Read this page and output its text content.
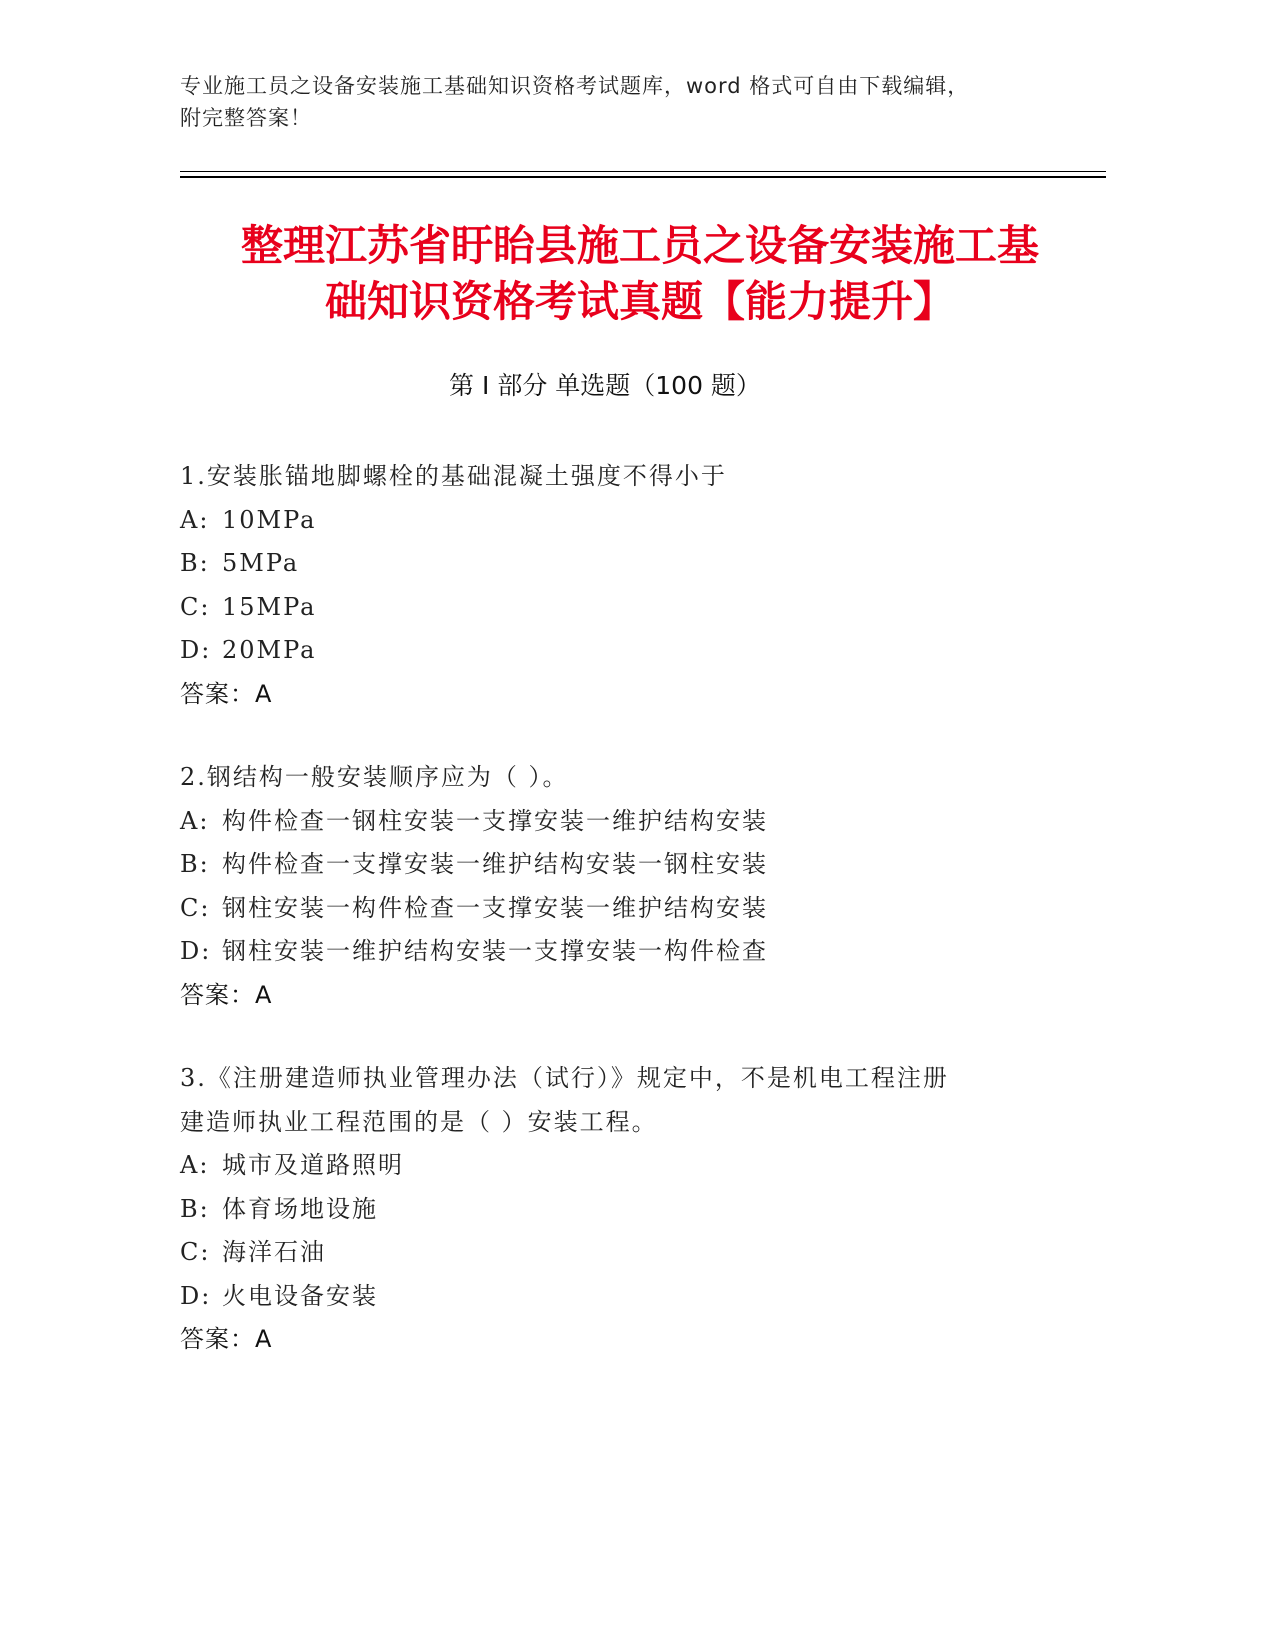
专业施工员之设备安装施工基础知识资格考试题库，word 格式可自由下载编辑，
附完整答案！
整理江苏省盱眙县施工员之设备安装施工基
础知识资格考试真题【能力提升】
第 I 部分 单选题（100 题）
1.安装胀锚地脚螺栓的基础混凝土强度不得小于
A: 10MPa
B: 5MPa
C: 15MPa
D: 20MPa
答案：A
2.钢结构一般安装顺序应为（ ）。
A: 构件检查一钢柱安装一支撑安装一维护结构安装
B: 构件检查一支撑安装一维护结构安装一钢柱安装
C: 钢柱安装一构件检查一支撑安装一维护结构安装
D: 钢柱安装一维护结构安装一支撑安装一构件检查
答案：A
3.《注册建造师执业管理办法（试行）》规定中，不是机电工程注册
建造师执业工程范围的是（ ）安装工程。
A: 城市及道路照明
B: 体育场地设施
C: 海洋石油
D: 火电设备安装
答案：A
